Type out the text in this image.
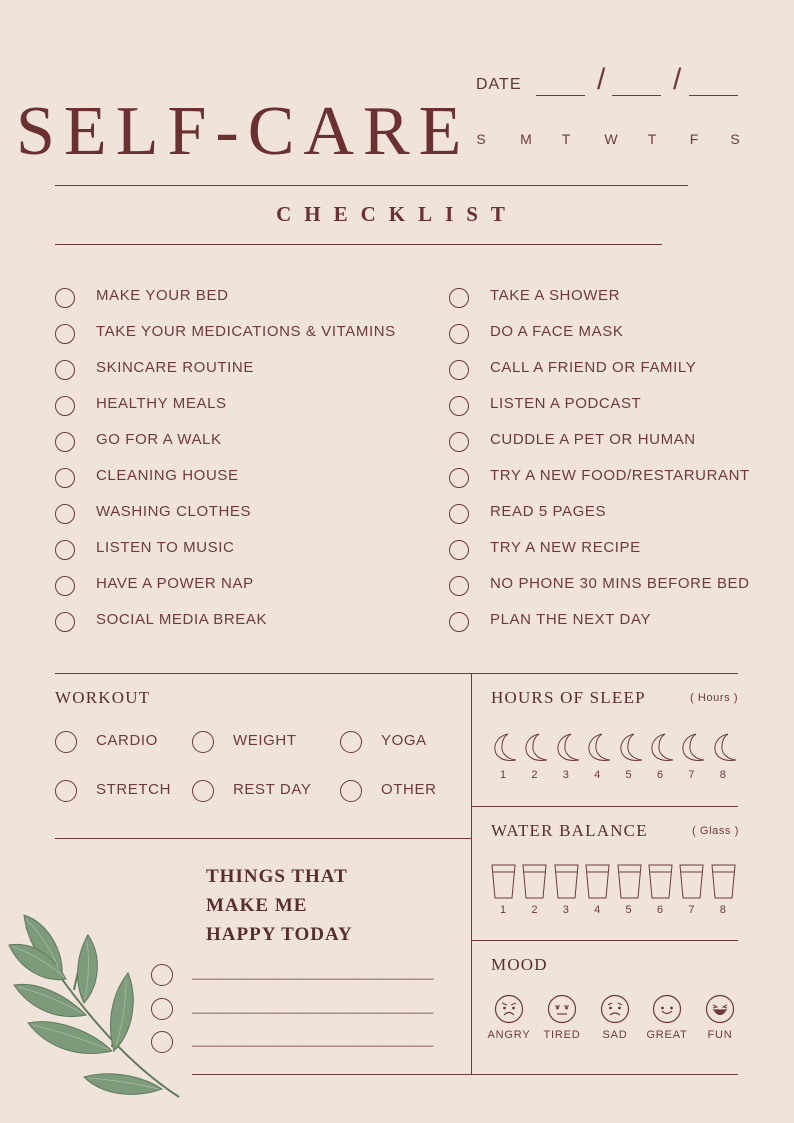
SELF-CARE
DATE	/ /
S M T W T F S
CHECKLIST
MAKE YOUR BED
TAKE YOUR MEDICATIONS & VITAMINS
SKINCARE ROUTINE
HEALTHY MEALS
GO FOR A WALK
CLEANING HOUSE
WASHING CLOTHES
LISTEN TO MUSIC
HAVE A POWER NAP
SOCIAL MEDIA BREAK
TAKE A SHOWER
DO A FACE MASK
CALL A FRIEND OR FAMILY
LISTEN A PODCAST
CUDDLE A PET OR HUMAN
TRY A NEW FOOD/RESTARURANT
READ 5 PAGES
TRY A NEW RECIPE
NO PHONE 30 MINS BEFORE BED
PLAN THE NEXT DAY
WORKOUT
CARDIO	WEIGHT	YOGA
STRETCH	REST DAY	OTHER
HOURS OF SLEEP	( Hours )
1	2	3	4	5	6	7	8
WATER BALANCE	( Glass )
1	2	3	4	5	6	7	8
THINGS THAT
MAKE ME
HAPPY TODAY
_______________________________________
_______________________________________
_______________________________________
MOOD
ANGRY	TIRED	SAD	GREAT	FUN
